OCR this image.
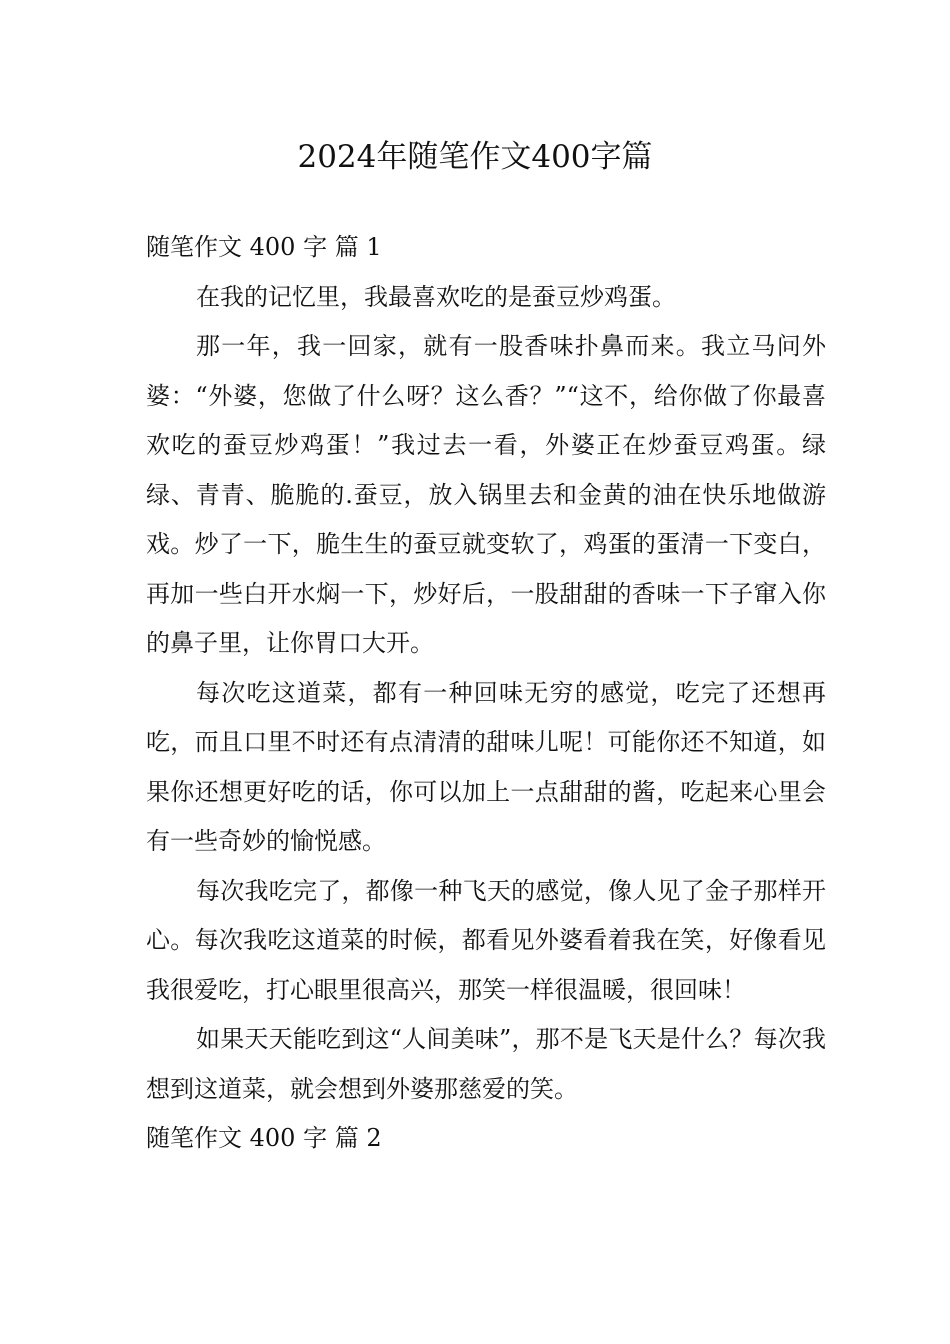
2024年随笔作文400字篇
随笔作文 400 字 篇 1

在我的记忆里，我最喜欢吃的是蚕豆炒鸡蛋。

那一年，我一回家，就有一股香味扑鼻而来。我立马问外婆：“外婆，您做了什么呀？这么香？”“这不，给你做了你最喜欢吃的蚕豆炒鸡蛋！”我过去一看，外婆正在炒蚕豆鸡蛋。绿绿、青青、脆脆的.蚕豆，放入锅里去和金黄的油在快乐地做游戏。炒了一下，脆生生的蚕豆就变软了，鸡蛋的蛋清一下变白，再加一些白开水焖一下，炒好后，一股甜甜的香味一下子窜入你的鼻子里，让你胃口大开。

每次吃这道菜，都有一种回味无穷的感觉，吃完了还想再吃，而且口里不时还有点清清的甜味儿呢！可能你还不知道，如果你还想更好吃的话，你可以加上一点甜甜的酱，吃起来心里会有一些奇妙的愉悦感。

每次我吃完了，都像一种飞天的感觉，像人见了金子那样开心。每次我吃这道菜的时候，都看见外婆看着我在笑，好像看见我很爱吃，打心眼里很高兴，那笑一样很温暖，很回味！

如果天天能吃到这“人间美味”，那不是飞天是什么？每次我想到这道菜，就会想到外婆那慈爱的笑。

随笔作文 400 字 篇 2
